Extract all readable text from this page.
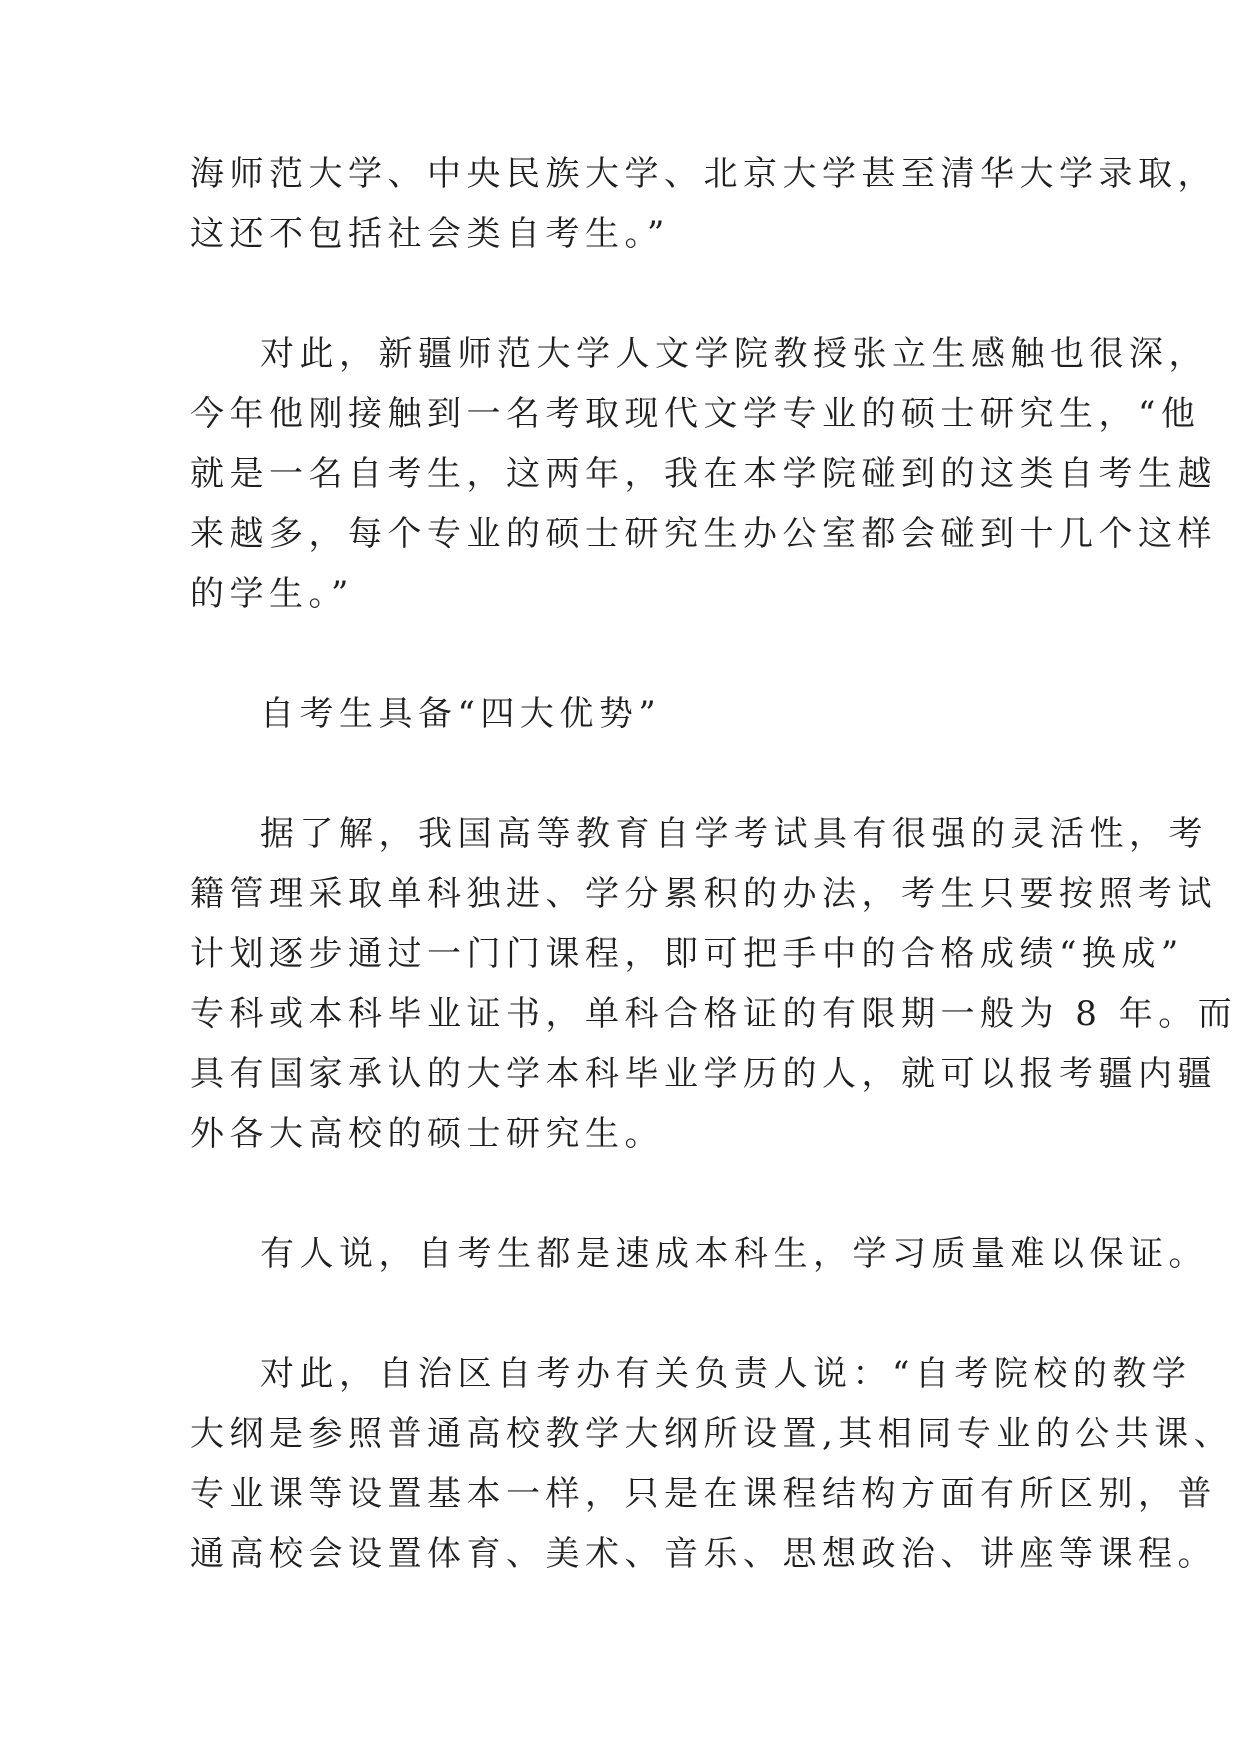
海师范大学、中央民族大学、北京大学甚至清华大学录取，

这还不包括社会类自考生。”

对此，新疆师范大学人文学院教授张立生感触也很深，

今年他刚接触到一名考取现代文学专业的硕士研究生，“他

就是一名自考生，这两年，我在本学院碰到的这类自考生越

来越多，每个专业的硕士研究生办公室都会碰到十几个这样

的学生。”

自考生具备“四大优势”

据了解，我国高等教育自学考试具有很强的灵活性，考

籍管理采取单科独进、学分累积的办法，考生只要按照考试

计划逐步通过一门门课程，即可把手中的合格成绩“换成”

专科或本科毕业证书，单科合格证的有限期一般为 8 年。而

具有国家承认的大学本科毕业学历的人，就可以报考疆内疆

外各大高校的硕士研究生。

有人说，自考生都是速成本科生，学习质量难以保证。

对此，自治区自考办有关负责人说：“自考院校的教学

大纲是参照普通高校教学大纲所设置,其相同专业的公共课、

专业课等设置基本一样，只是在课程结构方面有所区别，普

通高校会设置体育、美术、音乐、思想政治、讲座等课程。
